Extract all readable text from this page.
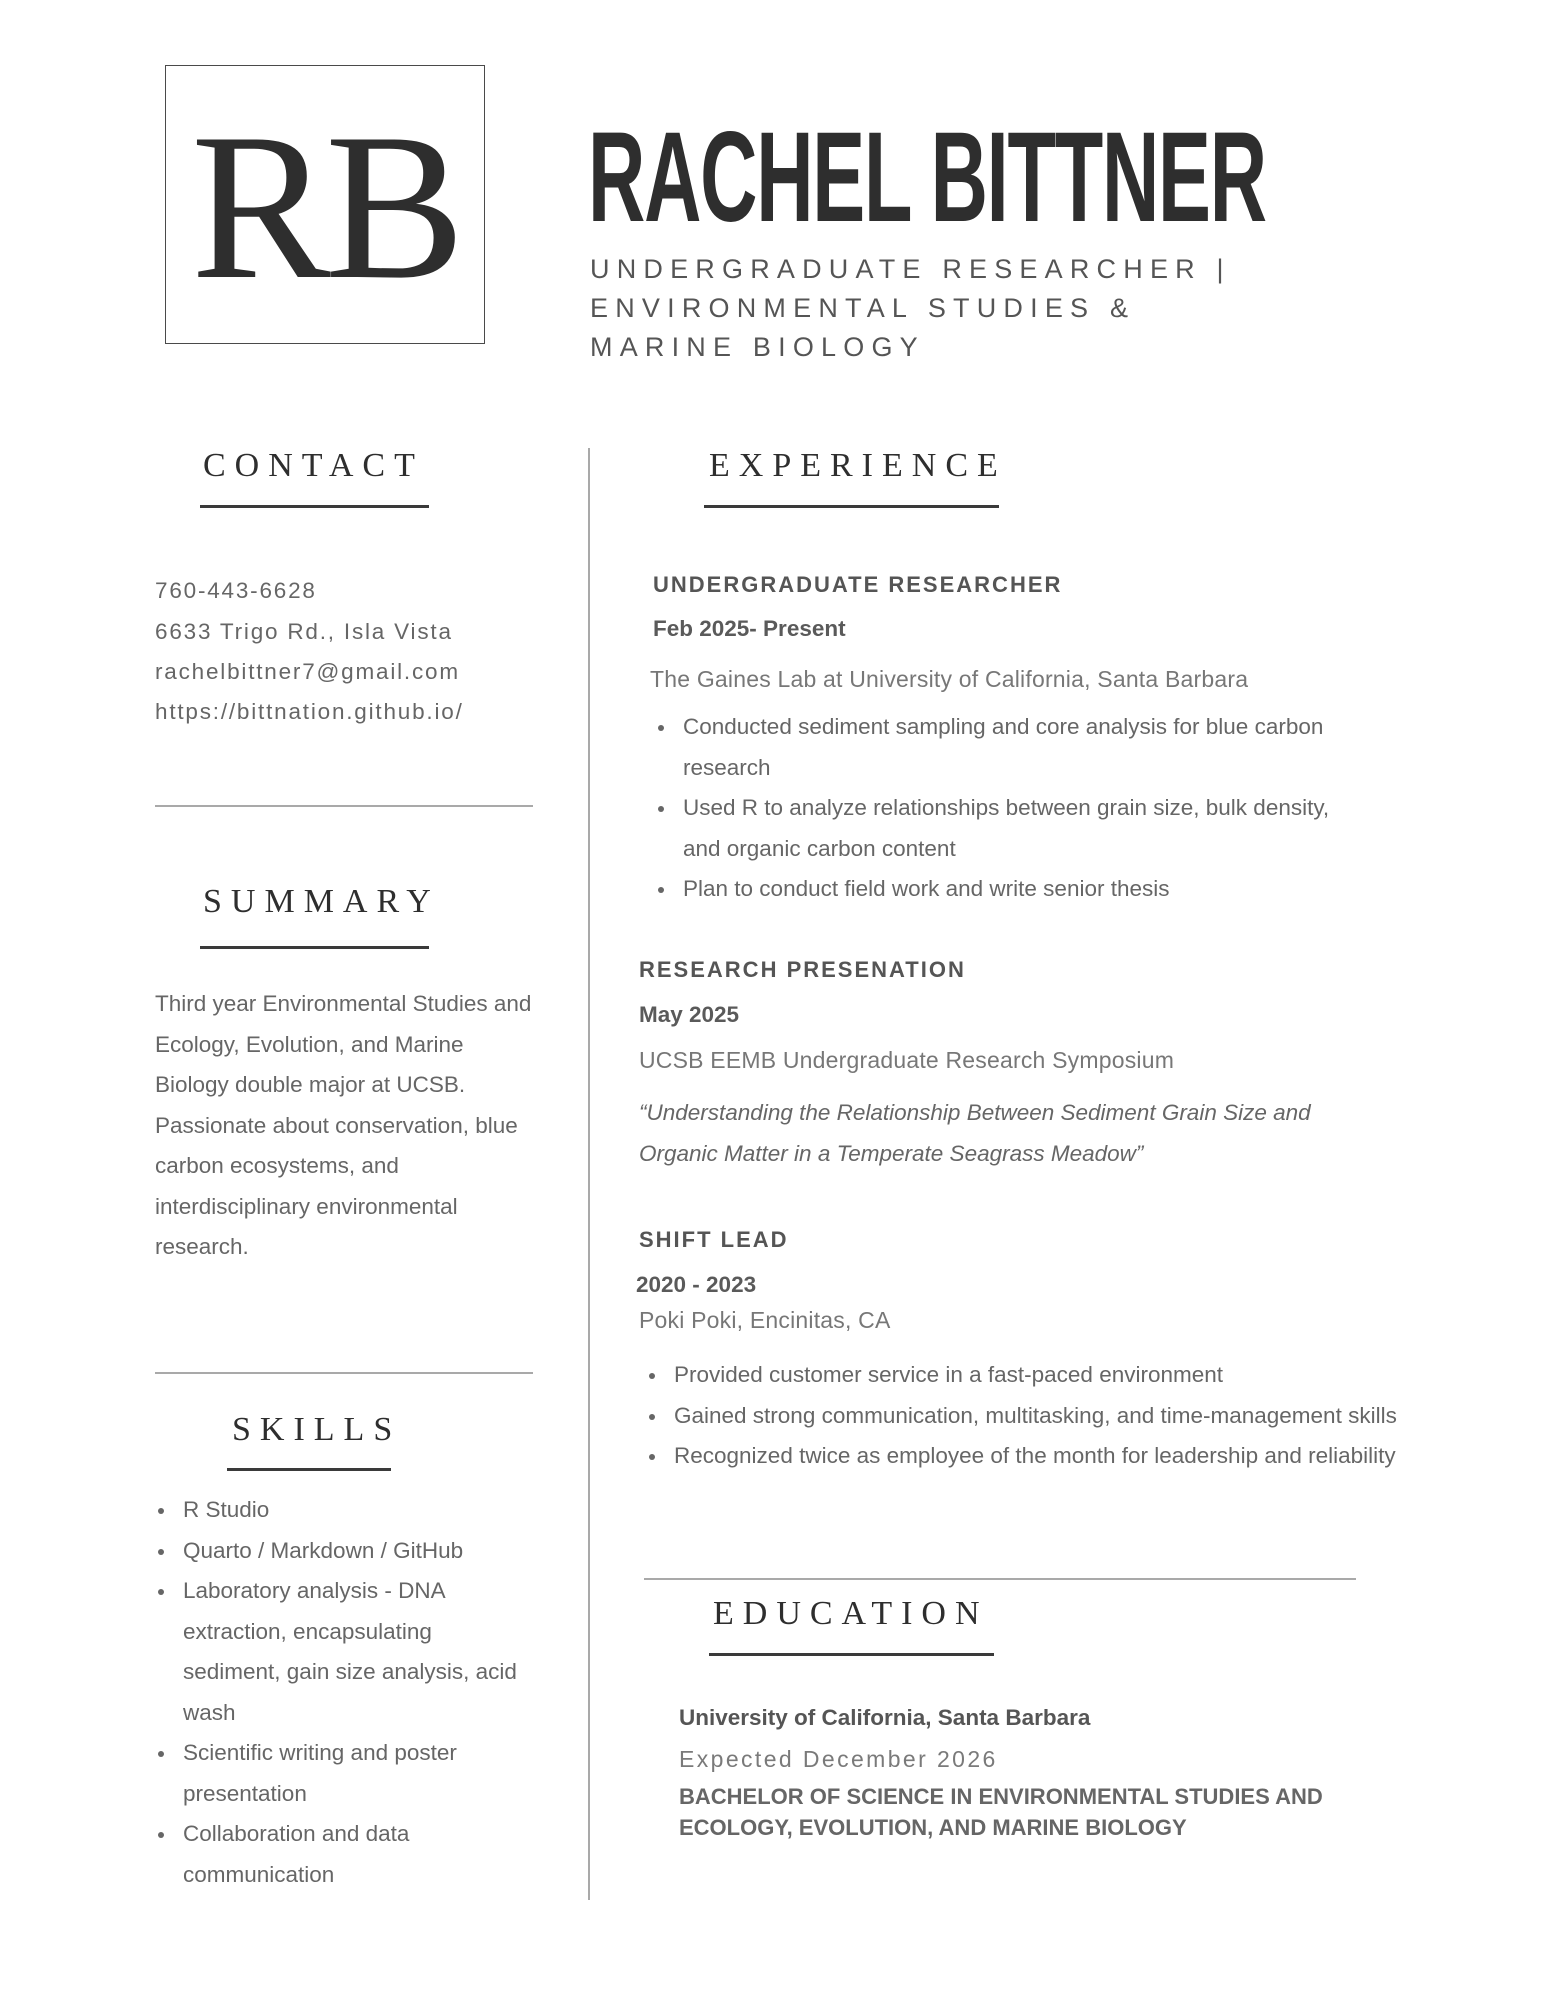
RB RACHEL BITTNER
UNDERGRADUATE RESEARCHER |
ENVIRONMENTAL STUDIES &
MARINE BIOLOGY
CONTACT
760-443-6628
6633 Trigo Rd., Isla Vista
rachelbittner7@gmail.com
https://bittnation.github.io/
SUMMARY
Third year Environmental Studies and Ecology, Evolution, and Marine Biology double major at UCSB. Passionate about conservation, blue carbon ecosystems, and interdisciplinary environmental research.
SKILLS
R Studio
Quarto / Markdown / GitHub
Laboratory analysis - DNA extraction, encapsulating sediment, gain size analysis, acid wash
Scientific writing and poster presentation
Collaboration and data communication
EXPERIENCE
UNDERGRADUATE RESEARCHER
Feb 2025- Present
The Gaines Lab at University of California, Santa Barbara
Conducted sediment sampling and core analysis for blue carbon research
Used R to analyze relationships between grain size, bulk density, and organic carbon content
Plan to conduct field work and write senior thesis
RESEARCH PRESENATION
May 2025
UCSB EEMB Undergraduate Research Symposium
“Understanding the Relationship Between Sediment Grain Size and
Organic Matter in a Temperate Seagrass Meadow”
SHIFT LEAD
2020 - 2023
Poki Poki, Encinitas, CA
Provided customer service in a fast-paced environment
Gained strong communication, multitasking, and time-management skills
Recognized twice as employee of the month for leadership and reliability
EDUCATION
University of California, Santa Barbara
Expected December 2026
BACHELOR OF SCIENCE IN ENVIRONMENTAL STUDIES AND ECOLOGY, EVOLUTION, AND MARINE BIOLOGY
